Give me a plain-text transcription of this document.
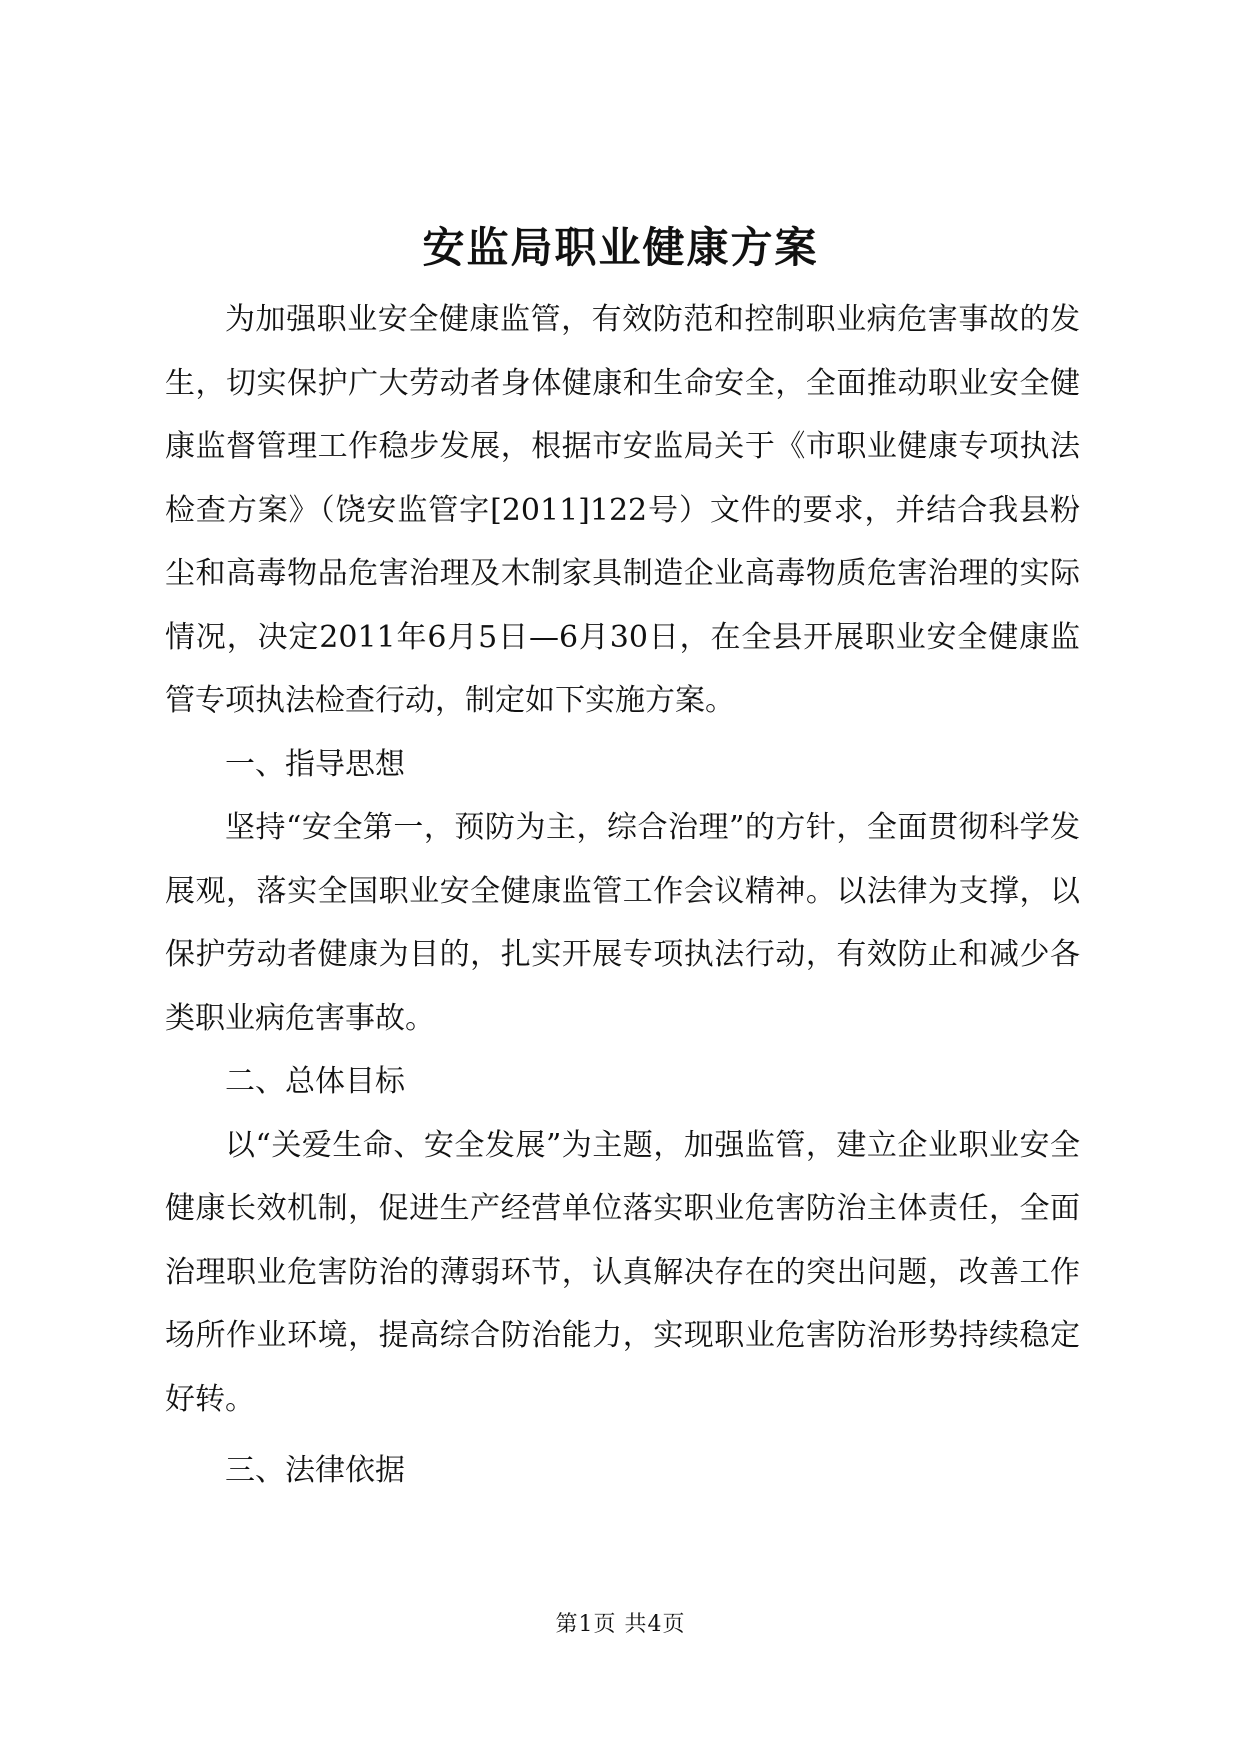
安监局职业健康方案

为加强职业安全健康监管，有效防范和控制职业病危害事故的发生，切实保护广大劳动者身体健康和生命安全，全面推动职业安全健康监督管理工作稳步发展，根据市安监局关于《市职业健康专项执法检查方案》（饶安监管字[2011]122号）文件的要求，并结合我县粉尘和高毒物品危害治理及木制家具制造企业高毒物质危害治理的实际情况，决定2011年6月5日—6月30日，在全县开展职业安全健康监管专项执法检查行动，制定如下实施方案。

一、指导思想

坚持“安全第一，预防为主，综合治理”的方针，全面贯彻科学发展观，落实全国职业安全健康监管工作会议精神。以法律为支撑，以保护劳动者健康为目的，扎实开展专项执法行动，有效防止和减少各类职业病危害事故。

二、总体目标

以“关爱生命、安全发展”为主题，加强监管，建立企业职业安全健康长效机制，促进生产经营单位落实职业危害防治主体责任，全面治理职业危害防治的薄弱环节，认真解决存在的突出问题，改善工作场所作业环境，提高综合防治能力，实现职业危害防治形势持续稳定好转。

三、法律依据

第1页 共4页
